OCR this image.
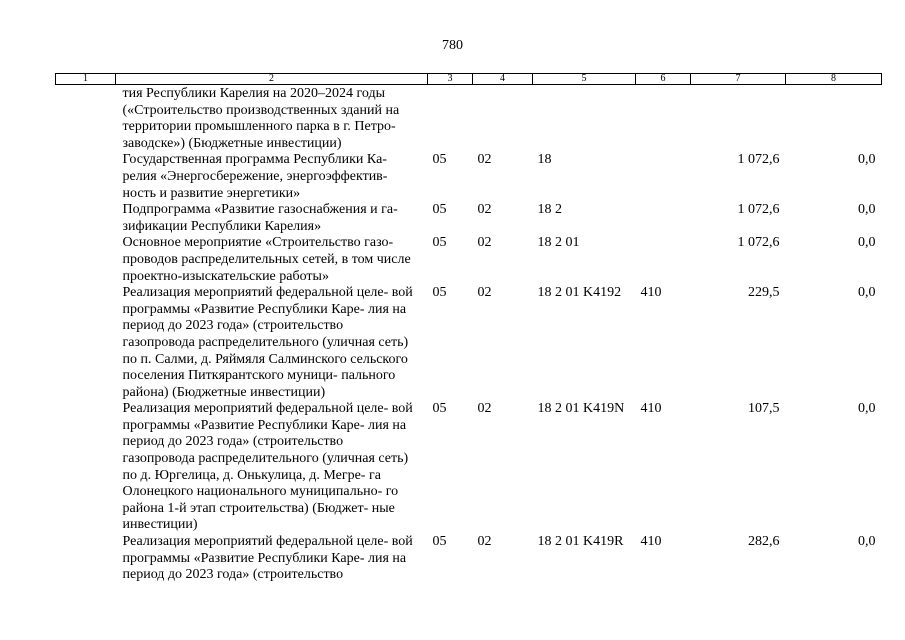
780
1	2	3	4	5	6	7	8
	тия Республики Карелия на 2020–2024 годы («Строительство производственных зданий на территории промышленного парка в г. Петро- заводске») (Бюджетные инвестиции)						
	Государственная программа Республики Ка- релия «Энергосбережение, энергоэффектив- ность и развитие энергетики»	05	02	18		1 072,6	0,0
	Подпрограмма «Развитие газоснабжения и га- зификации Республики Карелия»	05	02	18 2		1 072,6	0,0
	Основное мероприятие «Строительство газо- проводов распределительных сетей, в том числе проектно-изыскательские работы»	05	02	18 2 01		1 072,6	0,0
	Реализация мероприятий федеральной целе- вой программы «Развитие Республики Каре- лия на период до 2023 года» (строительство газопровода распределительного (уличная сеть) по п. Салми, д. Ряймяля Салминского сельского поселения Питкярантского муници- пального района) (Бюджетные инвестиции)	05	02	18 2 01 K4192	410	229,5	0,0
	Реализация мероприятий федеральной целе- вой программы «Развитие Республики Каре- лия на период до 2023 года» (строительство газопровода распределительного (уличная сеть) по д. Юргелица, д. Онькулица, д. Мегре- га Олонецкого национального муниципально- го района 1-й этап строительства) (Бюджет- ные инвестиции)	05	02	18 2 01 K419N	410	107,5	0,0
	Реализация мероприятий федеральной целе- вой программы «Развитие Республики Каре- лия на период до 2023 года» (строительство	05	02	18 2 01 K419R	410	282,6	0,0
